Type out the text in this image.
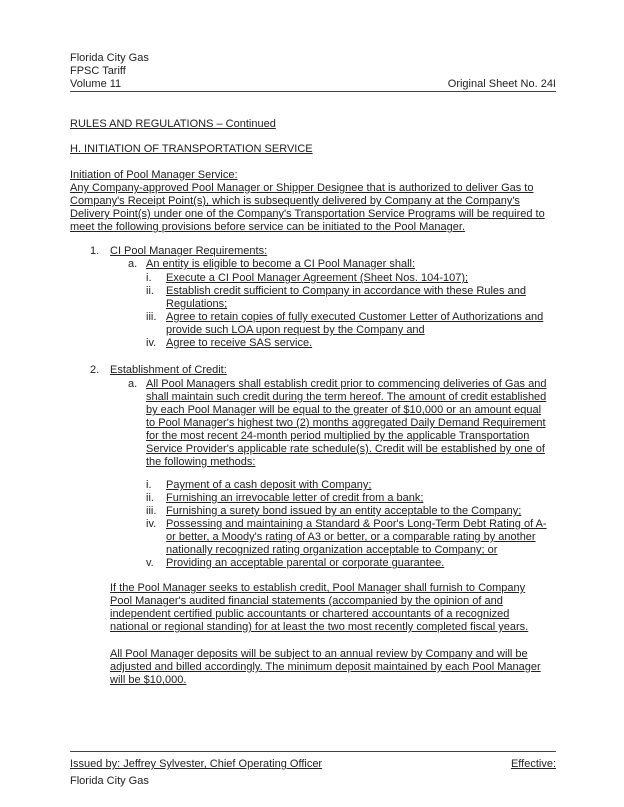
Florida City Gas
FPSC Tariff
Volume 11	Original Sheet No. 24I
RULES AND REGULATIONS – Continued
H. INITIATION OF TRANSPORTATION SERVICE
Initiation of Pool Manager Service:
Any Company-approved Pool Manager or Shipper Designee that is authorized to deliver Gas to Company's Receipt Point(s), which is subsequently delivered by Company at the Company's Delivery Point(s) under one of the Company's Transportation Service Programs will be required to meet the following provisions before service can be initiated to the Pool Manager.
1. CI Pool Manager Requirements:
a. An entity is eligible to become a CI Pool Manager shall:
i. Execute a CI Pool Manager Agreement (Sheet Nos. 104-107);
ii. Establish credit sufficient to Company in accordance with these Rules and Regulations;
iii. Agree to retain copies of fully executed Customer Letter of Authorizations and provide such LOA upon request by the Company and
iv. Agree to receive SAS service.
2. Establishment of Credit:
a. All Pool Managers shall establish credit prior to commencing deliveries of Gas and shall maintain such credit during the term hereof. The amount of credit established by each Pool Manager will be equal to the greater of $10,000 or an amount equal to Pool Manager's highest two (2) months aggregated Daily Demand Requirement for the most recent 24-month period multiplied by the applicable Transportation Service Provider's applicable rate schedule(s). Credit will be established by one of the following methods:
i. Payment of a cash deposit with Company;
ii. Furnishing an irrevocable letter of credit from a bank;
iii. Furnishing a surety bond issued by an entity acceptable to the Company;
iv. Possessing and maintaining a Standard & Poor's Long-Term Debt Rating of A- or better, a Moody's rating of A3 or better, or a comparable rating by another nationally recognized rating organization acceptable to Company; or
v. Providing an acceptable parental or corporate guarantee.
If the Pool Manager seeks to establish credit, Pool Manager shall furnish to Company Pool Manager's audited financial statements (accompanied by the opinion of and independent certified public accountants or chartered accountants of a recognized national or regional standing) for at least the two most recently completed fiscal years.
All Pool Manager deposits will be subject to an annual review by Company and will be adjusted and billed accordingly. The minimum deposit maintained by each Pool Manager will be $10,000.
Issued by: Jeffrey Sylvester, Chief Operating Officer	Effective:
Florida City Gas
